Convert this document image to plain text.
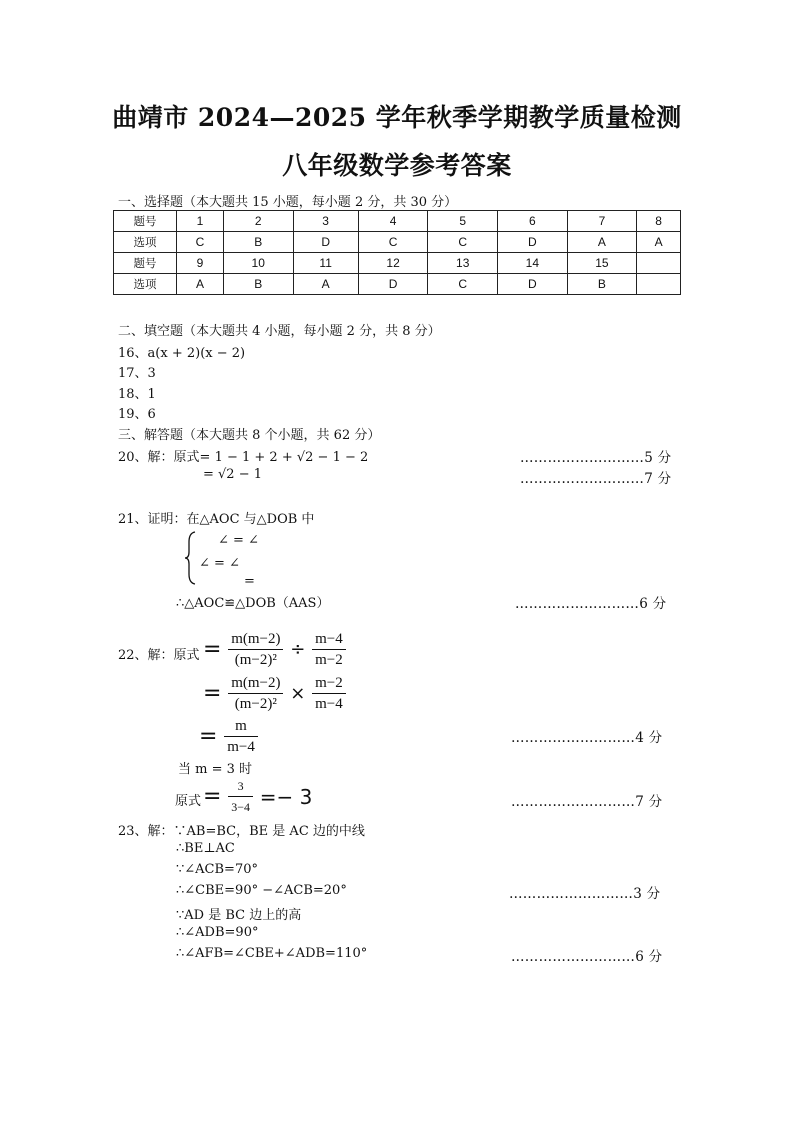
曲靖市 2024—2025 学年秋季学期教学质量检测
八年级数学参考答案
一、选择题（本大题共 15 小题，每小题 2 分，共 30 分）
题号	1	2	3	4	5	6	7	8
选项	C	B	D	C	C	D	A	A
题号	9	10	11	12	13	14	15	
选项	A	B	A	D	C	D	B	
二、填空题（本大题共 4 小题，每小题 2 分，共 8 分）
16、a(x + 2)(x − 2)
17、3
18、1
19、6
三、解答题（本大题共 8 个小题，共 62 分）
20、解：原式= 1 − 1 + 2 + √2 − 1 − 2
= √2 − 1
………………………5 分
………………………7 分
21、证明：在△AOC 与△DOB 中
∠ = ∠
∠ = ∠
=
∴△AOC≌△DOB（AAS）	………………………6 分
22、解：原式 = $\frac{m(m-2)}{\text{(m−2)²}} \div \frac{m-4}{m-2}$
= $\frac{m(m-2)}{\text{(m−2)²}} \times \frac{m-2}{m-4}$
= $\frac{m}{m-4}$	………………………4 分
当 m = 3 时
原式 = $\frac{3}{3-4} =- 3$	………………………7 分
23、解：∵AB=BC，BE 是 AC 边的中线
∴BE⊥AC
∵∠ACB=70°
∴∠CBE=90° −∠ACB=20°	………………………3 分
∵AD 是 BC 边上的高
∴∠ADB=90°
∴∠AFB=∠CBE+∠ADB=110°	………………………6 分
